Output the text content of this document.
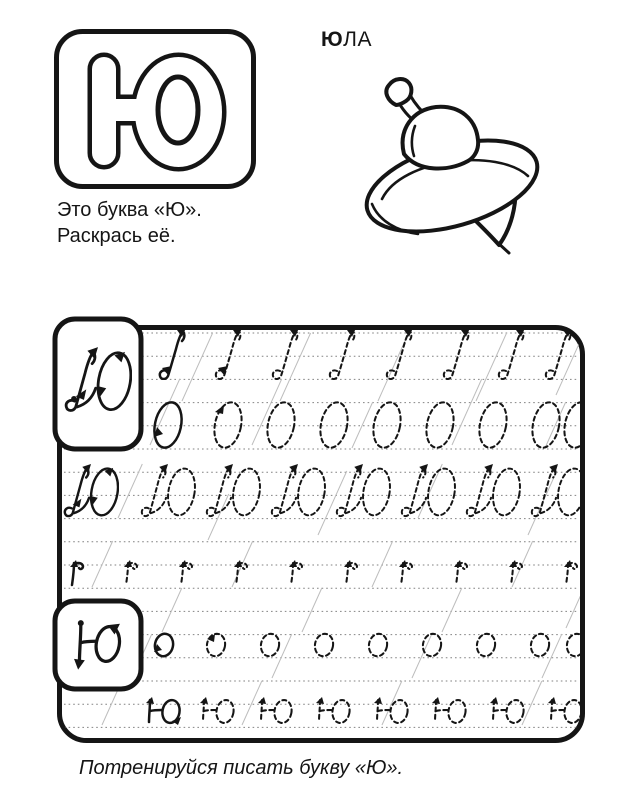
ЮЛА
Это буква «Ю».
Раскрась её.
Потренируйся писать букву «Ю».
